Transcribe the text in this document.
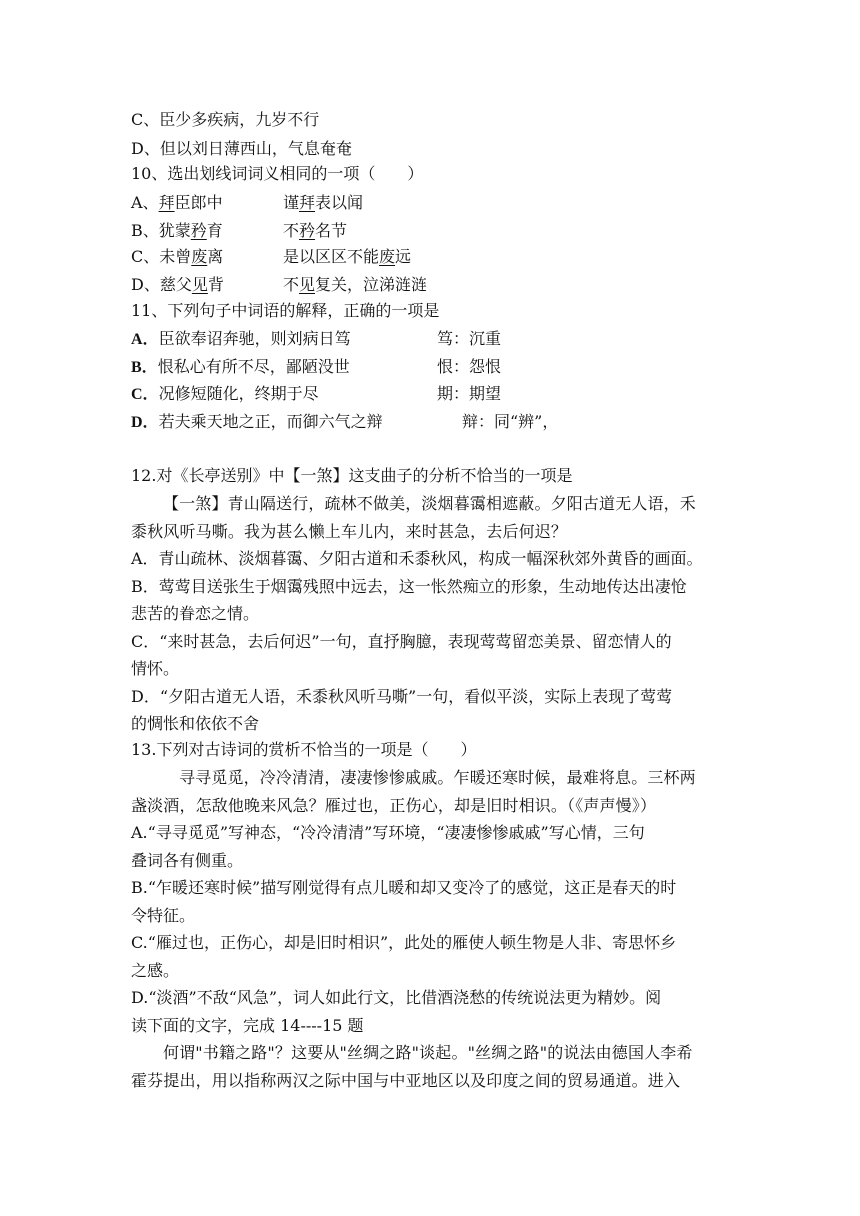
C、臣少多疾病，九岁不行
D、但以刘日薄西山，气息奄奄
10、选出划线词词义相同的一项（　　）
A、拜臣郎中	谨拜表以闻
B、犹蒙矜育	不矜名节
C、未曾废离	是以区区不能废远
D、慈父见背	不见复关，泣涕涟涟
11、下列句子中词语的解释，正确的一项是
A．臣欲奉诏奔驰，则刘病日笃	笃：沉重
B．恨私心有所不尽，鄙陋没世	恨：怨恨
C．况修短随化，终期于尽	期：期望
D．若夫乘天地之正，而御六气之辩	辩：同“辨”，
12.对《长亭送别》中【一煞】这支曲子的分析不恰当的一项是
【一煞】青山隔送行，疏林不做美，淡烟暮霭相遮蔽。夕阳古道无人语，禾
黍秋风听马嘶。我为甚么懒上车儿内，来时甚急，去后何迟？
A．青山疏林、淡烟暮霭、夕阳古道和禾黍秋风，构成一幅深秋郊外黄昏的画面。
B．莺莺目送张生于烟霭残照中远去，这一怅然痴立的形象，生动地传达出凄怆
悲苦的眷恋之情。
C．“来时甚急，去后何迟”一句，直抒胸臆，表现莺莺留恋美景、留恋情人的
情怀。
D．“夕阳古道无人语，禾黍秋风听马嘶”一句，看似平淡，实际上表现了莺莺
的惆怅和依依不舍
13.下列对古诗词的赏析不恰当的一项是（　　）
寻寻觅觅，冷冷清清，凄凄惨惨戚戚。乍暖还寒时候，最难将息。三杯两
盏淡酒，怎敌他晚来风急？雁过也，正伤心，却是旧时相识。（《声声慢》）
A.“寻寻觅觅”写神态，“冷冷清清”写环境，“凄凄惨惨戚戚”写心情，三句
叠词各有侧重。
B.“乍暖还寒时候”描写刚觉得有点儿暖和却又变冷了的感觉，这正是春天的时
令特征。
C.“雁过也，正伤心，却是旧时相识”，此处的雁使人顿生物是人非、寄思怀乡
之感。
D.“淡酒”不敌“风急”，词人如此行文，比借酒浇愁的传统说法更为精妙。阅
读下面的文字，完成 14----15 题
何谓"书籍之路"？这要从"丝绸之路"谈起。"丝绸之路"的说法由德国人李希
霍芬提出，用以指称两汉之际中国与中亚地区以及印度之间的贸易通道。进入
